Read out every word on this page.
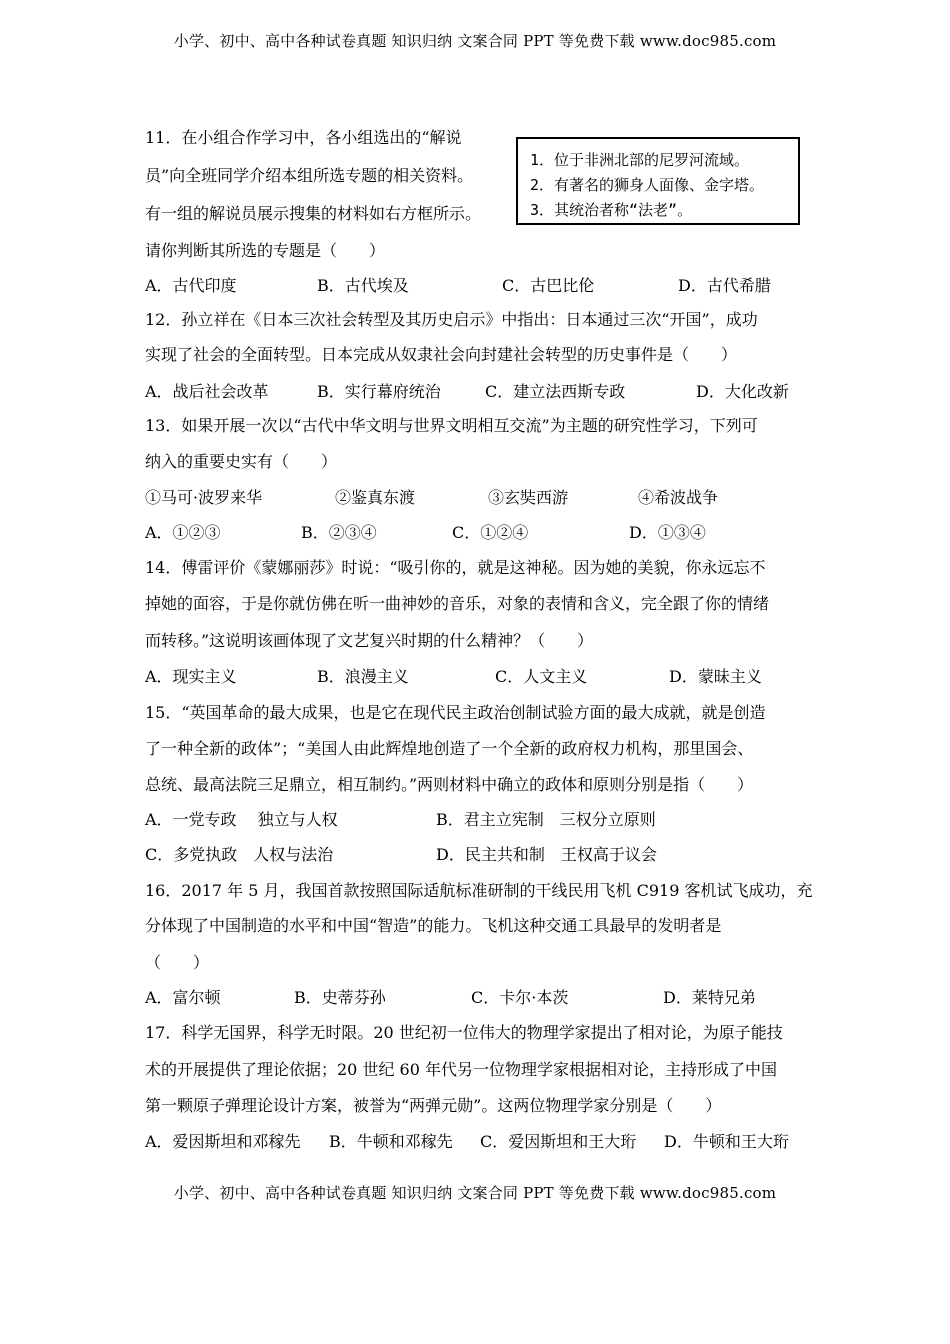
小学、初中、高中各种试卷真题 知识归纳 文案合同 PPT 等免费下载 www.doc985.com
11．在小组合作学习中，各小组选出的“解说
员”向全班同学介绍本组所选专题的相关资料。
有一组的解说员展示搜集的材料如右方框所示。
请你判断其所选的专题是（　　）
1．位于非洲北部的尼罗河流域。
2．有著名的狮身人面像、金字塔。
3．其统治者称“法老”。
A．古代印度	B．古代埃及	C．古巴比伦	D．古代希腊
12．孙立祥在《日本三次社会转型及其历史启示》中指出：日本通过三次“开国”，成功
实现了社会的全面转型。日本完成从奴隶社会向封建社会转型的历史事件是（　　）
A．战后社会改革	B．实行幕府统治	C．建立法西斯专政	D．大化改新
13．如果开展一次以“古代中华文明与世界文明相互交流”为主题的研究性学习，下列可
纳入的重要史实有（　　）
①马可·波罗来华	②鉴真东渡	③玄奘西游	④希波战争
A．①②③	B．②③④	C．①②④	D．①③④
14．傅雷评价《蒙娜丽莎》时说：“吸引你的，就是这神秘。因为她的美貌，你永远忘不
掉她的面容，于是你就仿佛在听一曲神妙的音乐，对象的表情和含义，完全跟了你的情绪
而转移。”这说明该画体现了文艺复兴时期的什么精神？（　　）
A．现实主义	B．浪漫主义	C．人文主义	D．蒙昧主义
15．“英国革命的最大成果，也是它在现代民主政治创制试验方面的最大成就，就是创造
了一种全新的政体”；“美国人由此辉煌地创造了一个全新的政府权力机构，那里国会、
总统、最高法院三足鼎立，相互制约。”两则材料中确立的政体和原则分别是指（　　）
A．一党专政　 独立与人权	B．君主立宪制　三权分立原则
C．多党执政　人权与法治	D．民主共和制　王权高于议会
16．2017 年 5 月，我国首款按照国际适航标准研制的干线民用飞机 C919 客机试飞成功，充
分体现了中国制造的水平和中国“智造”的能力。飞机这种交通工具最早的发明者是
（　　）
A．富尔顿	B．史蒂芬孙	C．卡尔·本茨	D．莱特兄弟
17．科学无国界，科学无时限。20 世纪初一位伟大的物理学家提出了相对论，为原子能技
术的开展提供了理论依据；20 世纪 60 年代另一位物理学家根据相对论，主持形成了中国
第一颗原子弹理论设计方案，被誉为“两弹元勋”。这两位物理学家分别是（　　）
A．爱因斯坦和邓稼先 B．牛顿和邓稼先 C．爱因斯坦和王大珩 D．牛顿和王大珩
小学、初中、高中各种试卷真题 知识归纳 文案合同 PPT 等免费下载 www.doc985.com
